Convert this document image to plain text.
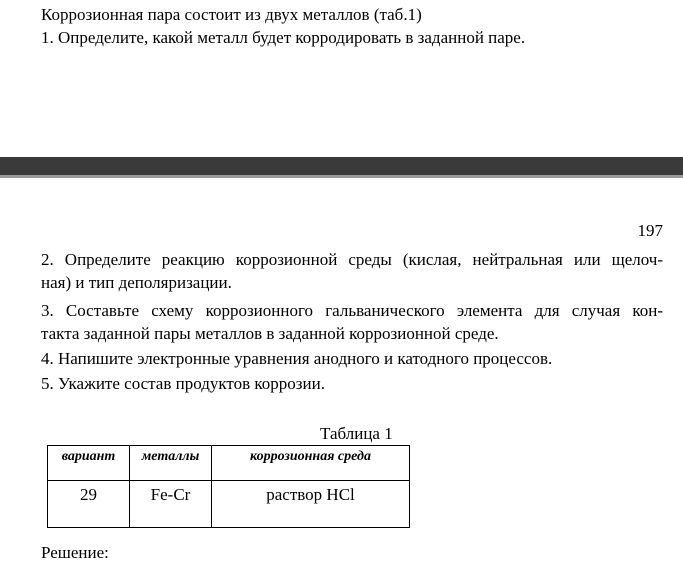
Коррозионная пара состоит из двух металлов (таб.1)
1. Определите, какой металл будет корродировать в заданной паре.
197
2. Определите реакцию коррозионной среды (кислая, нейтральная или щелоч-
ная) и тип деполяризации.
3. Составьте схему коррозионного гальванического элемента для случая кон-
такта заданной пары металлов в заданной коррозионной среде.
4. Напишите электронные уравнения анодного и катодного процессов.
5. Укажите состав продуктов коррозии.
Таблица 1
вариант	металлы	коррозионная среда
29	Fe-Cr	раствор HCl
Решение:
